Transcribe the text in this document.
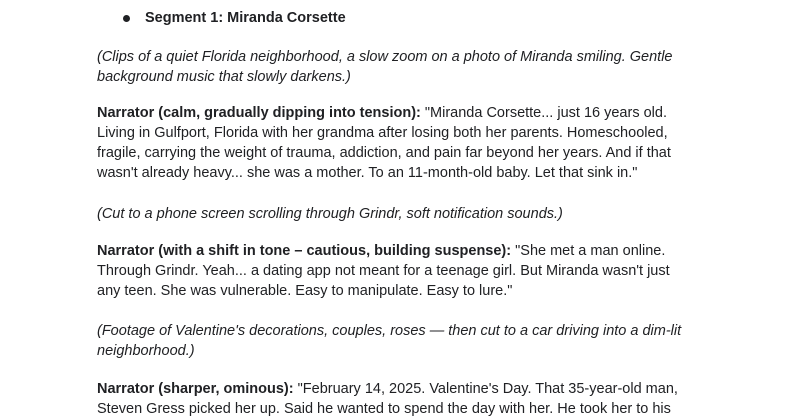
Segment 1: Miranda Corsette

(Clips of a quiet Florida neighborhood, a slow zoom on a photo of Miranda smiling. Gentle
background music that slowly darkens.)

Narrator (calm, gradually dipping into tension): "Miranda Corsette... just 16 years old.
Living in Gulfport, Florida with her grandma after losing both her parents. Homeschooled,
fragile, carrying the weight of trauma, addiction, and pain far beyond her years. And if that
wasn't already heavy... she was a mother. To an 11-month-old baby. Let that sink in."

(Cut to a phone screen scrolling through Grindr, soft notification sounds.)

Narrator (with a shift in tone – cautious, building suspense): "She met a man online.
Through Grindr. Yeah... a dating app not meant for a teenage girl. But Miranda wasn't just
any teen. She was vulnerable. Easy to manipulate. Easy to lure."

(Footage of Valentine's decorations, couples, roses — then cut to a car driving into a dim-lit
neighborhood.)

Narrator (sharper, ominous): "February 14, 2025. Valentine's Day. That 35-year-old man,
Steven Gress picked her up. Said he wanted to spend the day with her. He took her to his
